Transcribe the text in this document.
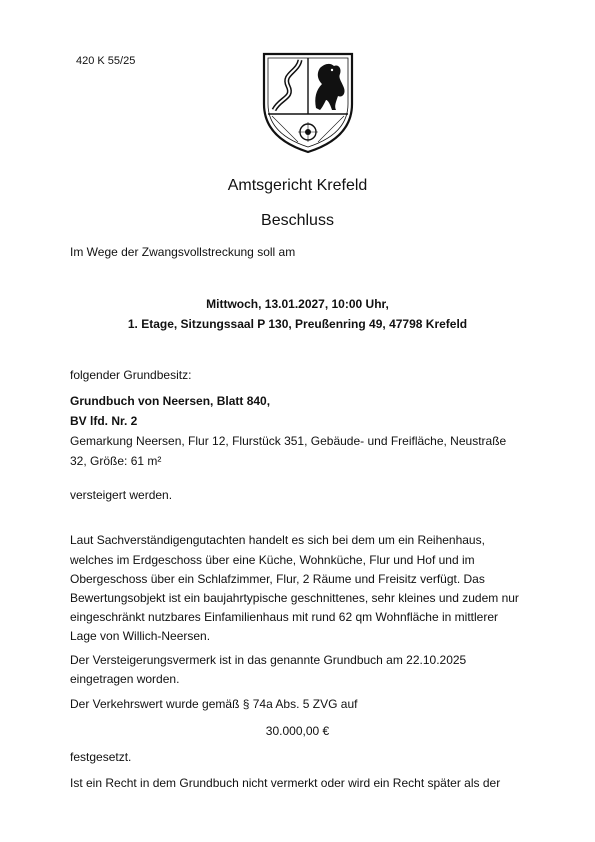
420 K 55/25

Amtsgericht Krefeld
Beschluss

Im Wege der Zwangsvollstreckung soll am

Mittwoch, 13.01.2027, 10:00 Uhr,

1. Etage, Sitzungssaal P 130, Preußenring 49, 47798 Krefeld

folgender Grundbesitz:

Grundbuch von Neersen, Blatt 840,

BV lfd. Nr. 2

Gemarkung Neersen, Flur 12, Flurstück 351, Gebäude- und Freifläche, Neustraße

32, Größe: 61 m²

versteigert werden.

Laut Sachverständigengutachten handelt es sich bei dem um ein Reihenhaus,

welches im Erdgeschoss über eine Küche, Wohnküche, Flur und Hof und im

Obergeschoss über ein Schlafzimmer, Flur, 2 Räume und Freisitz verfügt. Das

Bewertungsobjekt ist ein baujahrtypische geschnittenes, sehr kleines und zudem nur

eingeschränkt nutzbares Einfamilienhaus mit rund 62 qm Wohnfläche in mittlerer

Lage von Willich-Neersen.

Der Versteigerungsvermerk ist in das genannte Grundbuch am 22.10.2025

eingetragen worden.

Der Verkehrswert wurde gemäß § 74a Abs. 5 ZVG auf

30.000,00 €

festgesetzt.

Ist ein Recht in dem Grundbuch nicht vermerkt oder wird ein Recht später als der
